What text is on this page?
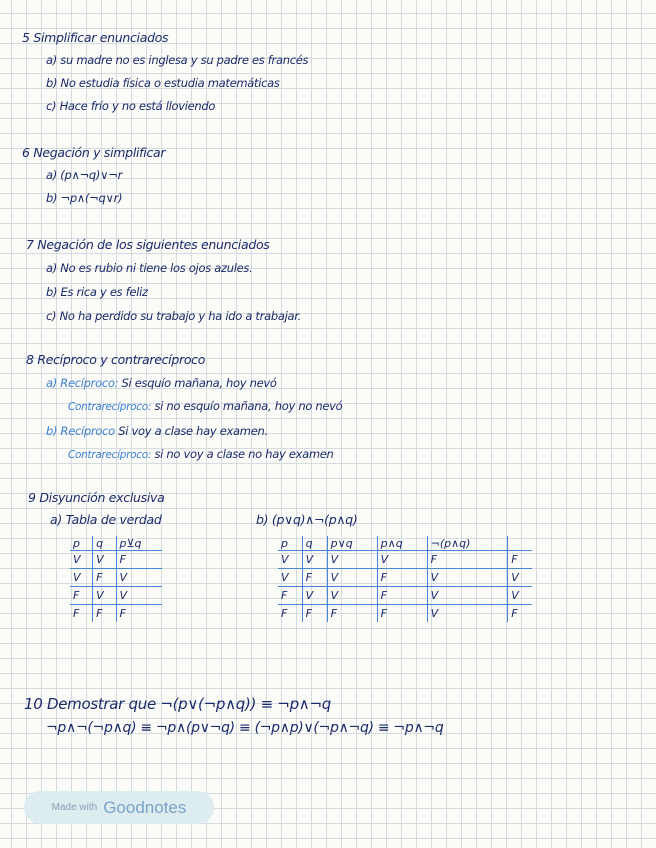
5 Simplificar enunciados
a) su madre no es inglesa y su padre es francés
b) No estudia física o estudia matemáticas
c) Hace frío y no está lloviendo
6 Negación y simplificar
a) (p∧¬q)∨¬r
b) ¬p∧(¬q∨r)
7 Negación de los siguientes enunciados
a) No es rubio ni tiene los ojos azules.
b) Es rica y es feliz
c) No ha perdido su trabajo y ha ido a trabajar.
8 Recíproco y contrarecíproco
a) Recíproco: Si esquío mañana, hoy nevó
Contrarecíproco: si no esquío mañana, hoy no nevó
b) Recíproco Si voy a clase hay examen.
Contrarecíproco: si no voy a clase no hay examen
9 Disyunción exclusiva
a) Tabla de verdad	b) (p∨q)∧¬(p∧q)
p	q	p⊻q
V	V	F
V	F	V
F	V	V
F	F	F
p	q	p∨q	p∧q	¬(p∧q)	
V	V	V	V	F	F
V	F	V	F	V	V
F	V	V	F	V	V
F	F	F	F	V	F
10 Demostrar que ¬(p∨(¬p∧q)) ≡ ¬p∧¬q
¬p∧¬(¬p∧q) ≡ ¬p∧(p∨¬q) ≡ (¬p∧p)∨(¬p∧¬q) ≡ ¬p∧¬q
Made with Goodnotes
